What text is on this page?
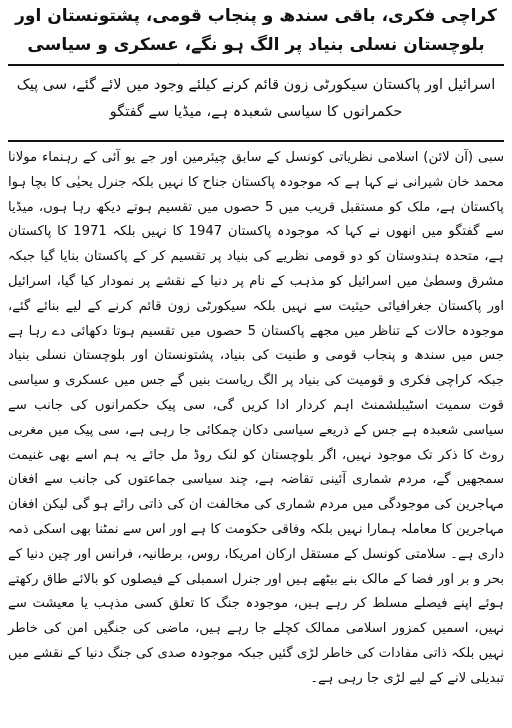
کراچی فکری، باقی سندھ و پنجاب قومی، پشتونستان اور بلوچستان نسلی بنیاد پر الگ ہو نگے، عسکری و سیاسی
اسرائیل اور پاکستان سیکورٹی زون قائم کرنے کیلئے وجود میں لائے گئے، سی پیک حکمرانوں کا سیاسی شعبدہ ہے، میڈیا سے گفتگو

سبی (آن لائن) اسلامی نظریاتی کونسل کے سابق چیئرمین اور جے یو آئی کے رہنماء مولانا محمد خان شیرانی نے کہا ہے کہ موجودہ پاکستان جناح کا نہیں بلکہ جنرل یحیٰی کا بچا ہوا پاکستان ہے، ملک کو مستقبل قریب میں 5 حصوں میں تقسیم ہوتے دیکھ رہا ہوں، میڈیا سے گفتگو میں انھوں نے کہا کہ موجودہ پاکستان 1947 کا نہیں بلکہ 1971 کا پاکستان ہے، متحدہ ہندوستان کو دو قومی نظریے کی بنیاد پر تقسیم کر کے پاکستان بنایا گیا جبکہ مشرق وسطیٰ میں اسرائیل کو مذہب کے نام پر دنیا کے نقشے پر نمودار کیا گیا، اسرائیل اور پاکستان جغرافیائی حیثیت سے نہیں بلکہ سیکورٹی زون قائم کرنے کے لیے بنائے گئے، موجودہ حالات کے تناظر میں مجھے پاکستان 5 حصوں میں تقسیم ہوتا دکھائی دے رہا ہے جس میں سندھ و پنجاب قومی و طنیت کی بنیاد، پشتونستان اور بلوچستان نسلی بنیاد جبکہ کراچی فکری و قومیت کی بنیاد پر الگ ریاست بنیں گے جس میں عسکری و سیاسی قوت سمیت اسٹیبلشمنٹ اہم کردار ادا کریں گی، سی پیک حکمرانوں کی جانب سے سیاسی شعبدہ ہے جس کے ذریعے سیاسی دکان چمکائی جا رہی ہے، سی پیک میں مغربی روٹ کا ذکر تک موجود نہیں، اگر بلوچستان کو لنک روڈ مل جائے یہ ہم اسے بھی غنیمت سمجھیں گے، مردم شماری آئینی تقاضہ ہے، چند سیاسی جماعتوں کی جانب سے افغان مہاجرین کی موجودگی میں مردم شماری کی مخالفت ان کی ذاتی رائے ہو گی لیکن افغان مہاجرین کا معاملہ ہمارا نہیں بلکہ وفاقی حکومت کا ہے اور اس سے نمٹنا بھی اسکی ذمہ داری ہے۔ سلامتی کونسل کے مستقل ارکان امریکا، روس، برطانیہ، فرانس اور چین دنیا کے بحر و بر اور فضا کے مالک بنے بیٹھے ہیں اور جنرل اسمبلی کے فیصلوں کو بالائے طاق رکھتے ہوئے اپنے فیصلے مسلط کر رہے ہیں، موجودہ جنگ کا تعلق کسی مذہب یا معیشت سے نہیں، اسمیں کمزور اسلامی ممالک کچلے جا رہے ہیں، ماضی کی جنگیں امن کی خاطر نہیں بلکہ ذاتی مفادات کی خاطر لڑی گئیں جبکہ موجودہ صدی کی جنگ دنیا کے نقشے میں تبدیلی لانے کے لیے لڑی جا رہی ہے۔
